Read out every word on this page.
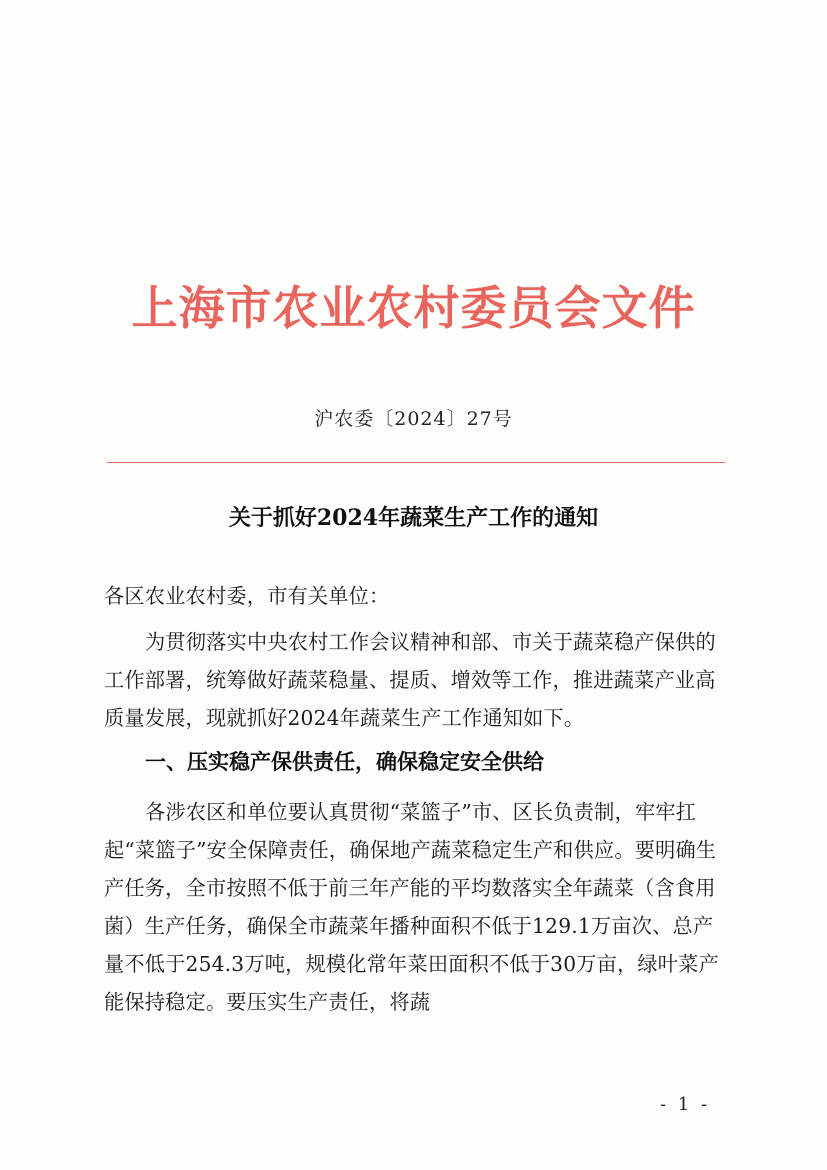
上海市农业农村委员会文件
沪农委〔2024〕27号
关于抓好2024年蔬菜生产工作的通知
各区农业农村委，市有关单位：
为贯彻落实中央农村工作会议精神和部、市关于蔬菜稳产保供的工作部署，统筹做好蔬菜稳量、提质、增效等工作，推进蔬菜产业高质量发展，现就抓好2024年蔬菜生产工作通知如下。
一、压实稳产保供责任，确保稳定安全供给
各涉农区和单位要认真贯彻“菜篮子”市、区长负责制，牢牢扛起“菜篮子”安全保障责任，确保地产蔬菜稳定生产和供应。要明确生产任务，全市按照不低于前三年产能的平均数落实全年蔬菜（含食用菌）生产任务，确保全市蔬菜年播种面积不低于129.1万亩次、总产量不低于254.3万吨，规模化常年菜田面积不低于30万亩，绿叶菜产能保持稳定。要压实生产责任，将蔬
- 1 -
